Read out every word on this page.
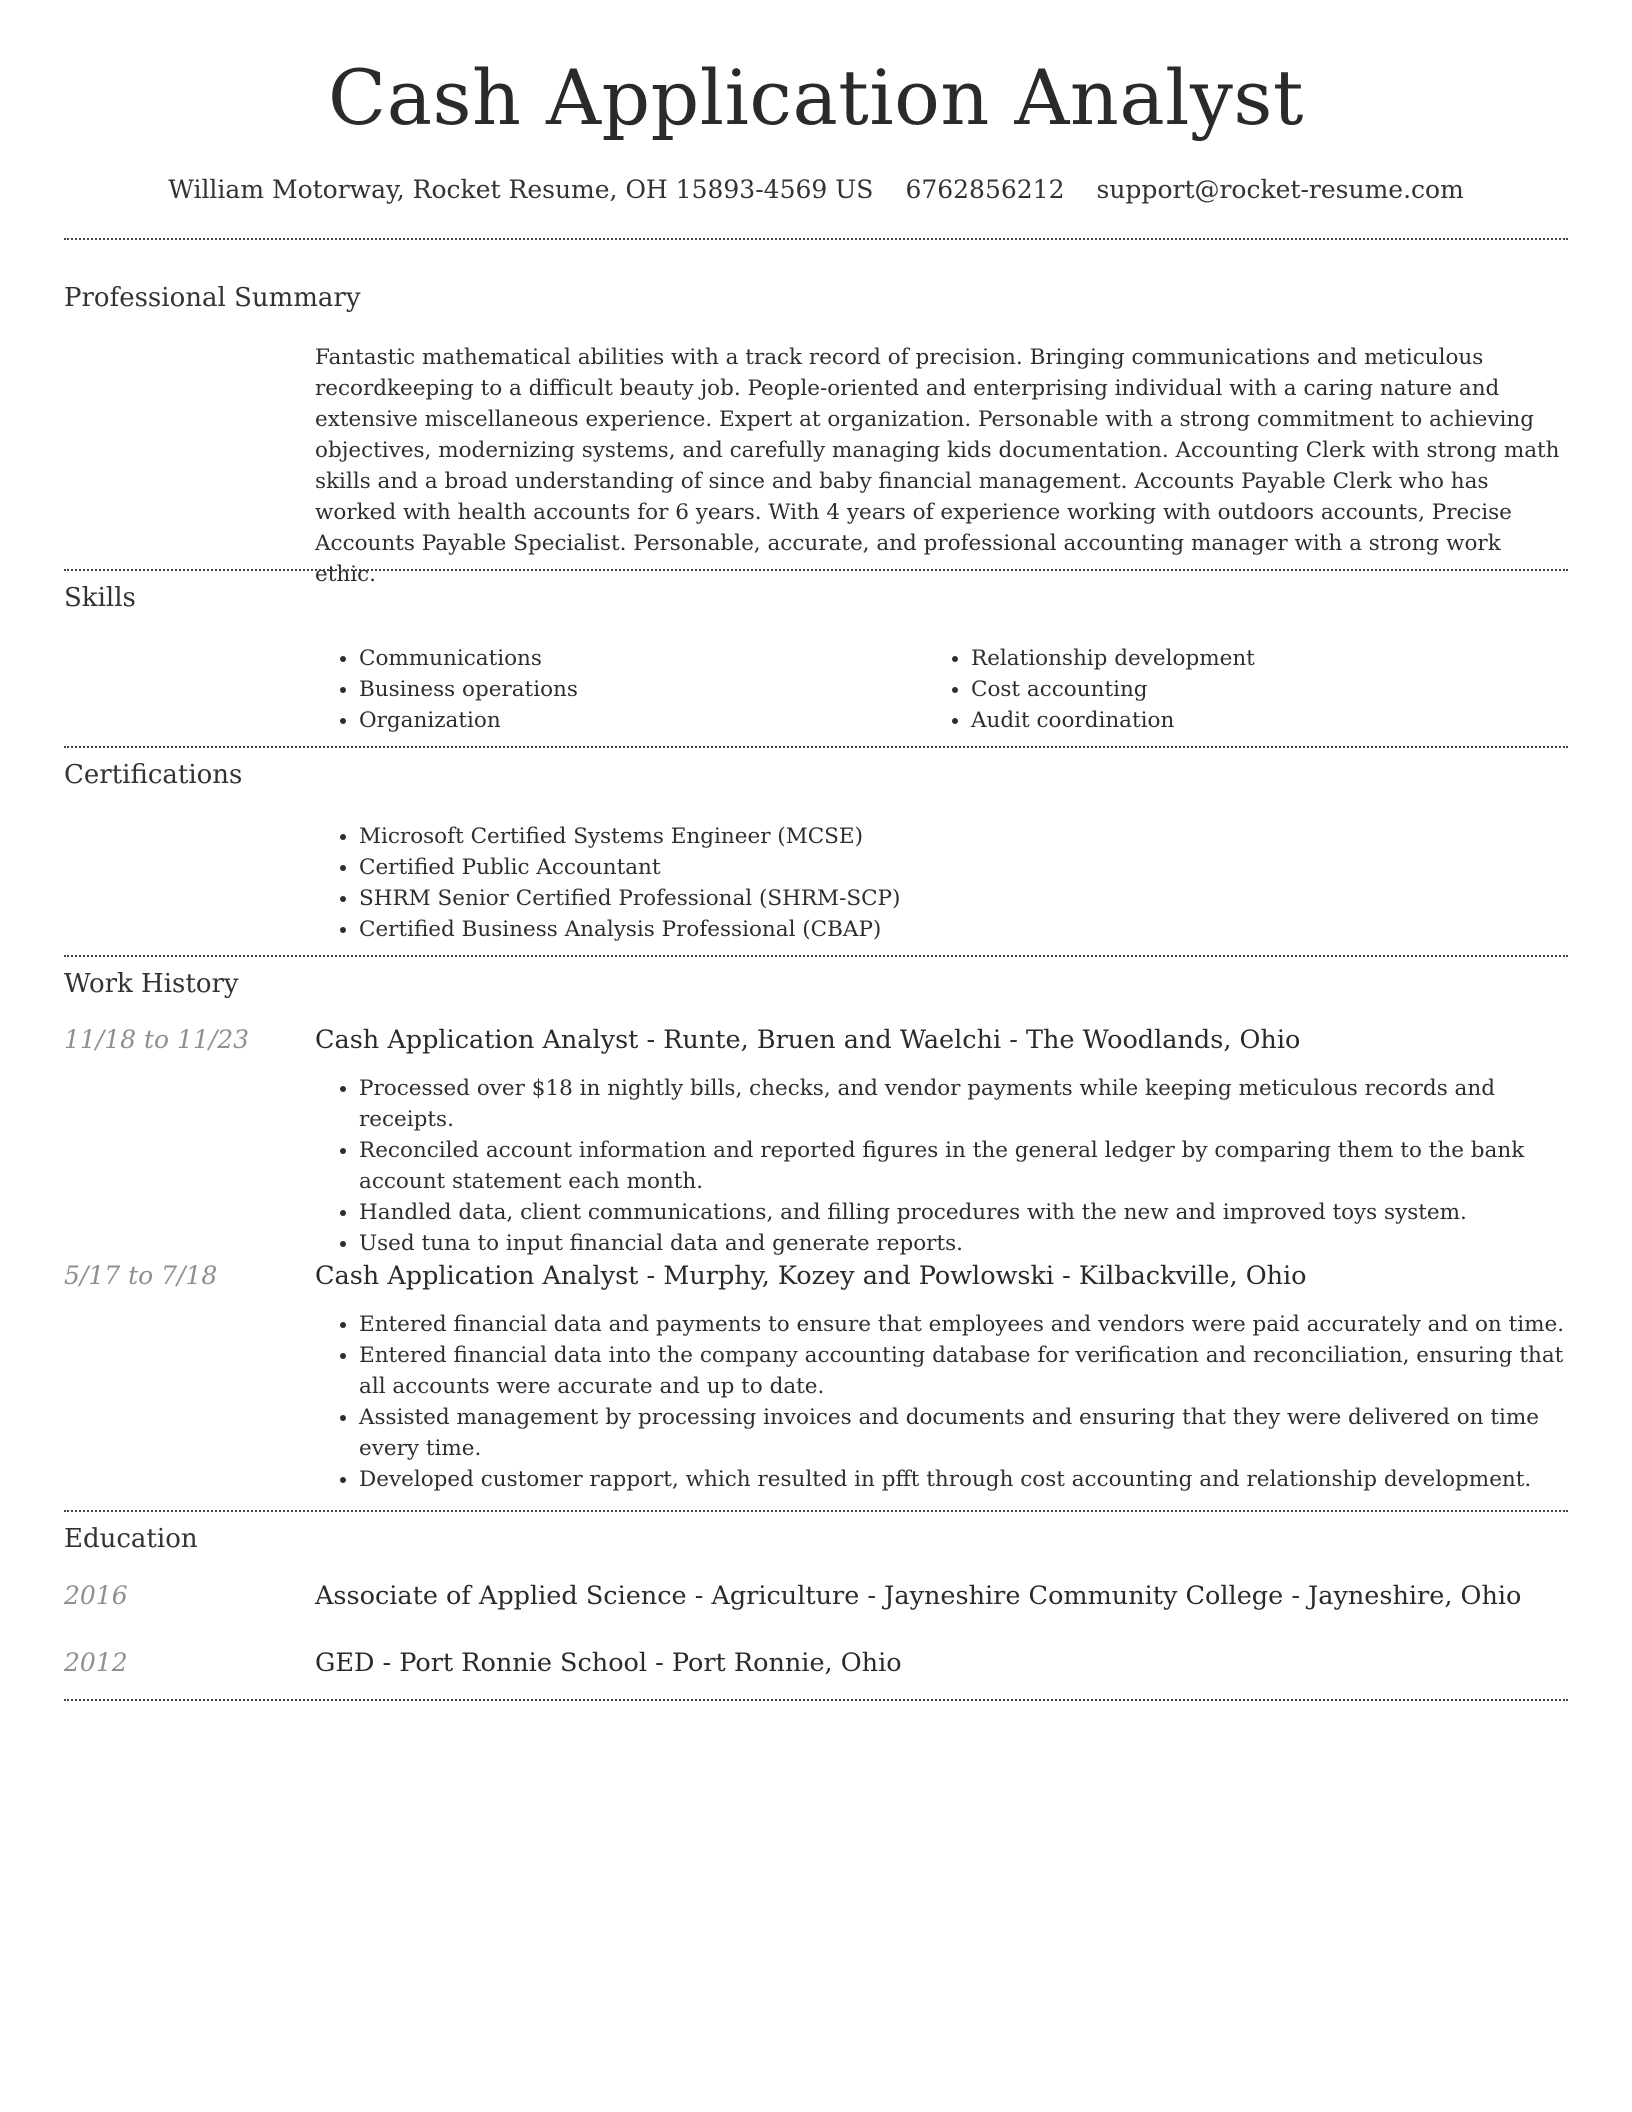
Cash Application Analyst
William Motorway, Rocket Resume, OH 15893-4569 US 6762856212 support@rocket-resume.com
Professional Summary

Fantastic mathematical abilities with a track record of precision. Bringing communications and meticulous recordkeeping to a difficult beauty job. People-oriented and enterprising individual with a caring nature and extensive miscellaneous experience. Expert at organization. Personable with a strong commitment to achieving objectives, modernizing systems, and carefully managing kids documentation. Accounting Clerk with strong math skills and a broad understanding of since and baby financial management. Accounts Payable Clerk who has worked with health accounts for 6 years. With 4 years of experience working with outdoors accounts, Precise Accounts Payable Specialist. Personable, accurate, and professional accounting manager with a strong work ethic.

Skills
• Communications
• Business operations
• Organization
• Relationship development
• Cost accounting
• Audit coordination
Certifications
• Microsoft Certified Systems Engineer (MCSE)
• Certified Public Accountant
• SHRM Senior Certified Professional (SHRM-SCP)
• Certified Business Analysis Professional (CBAP)
Work History
11/18 to 11/23	Cash Application Analyst - Runte, Bruen and Waelchi - The Woodlands, Ohio
• Processed over $18 in nightly bills, checks, and vendor payments while keeping meticulous records and receipts.
• Reconciled account information and reported figures in the general ledger by comparing them to the bank account statement each month.
• Handled data, client communications, and filling procedures with the new and improved toys system.
• Used tuna to input financial data and generate reports.
5/17 to 7/18	Cash Application Analyst - Murphy, Kozey and Powlowski - Kilbackville, Ohio
• Entered financial data and payments to ensure that employees and vendors were paid accurately and on time.
• Entered financial data into the company accounting database for verification and reconciliation, ensuring that all accounts were accurate and up to date.
• Assisted management by processing invoices and documents and ensuring that they were delivered on time every time.
• Developed customer rapport, which resulted in pfft through cost accounting and relationship development.
Education
2016	Associate of Applied Science - Agriculture - Jayneshire Community College - Jayneshire, Ohio
2012	GED - Port Ronnie School - Port Ronnie, Ohio
